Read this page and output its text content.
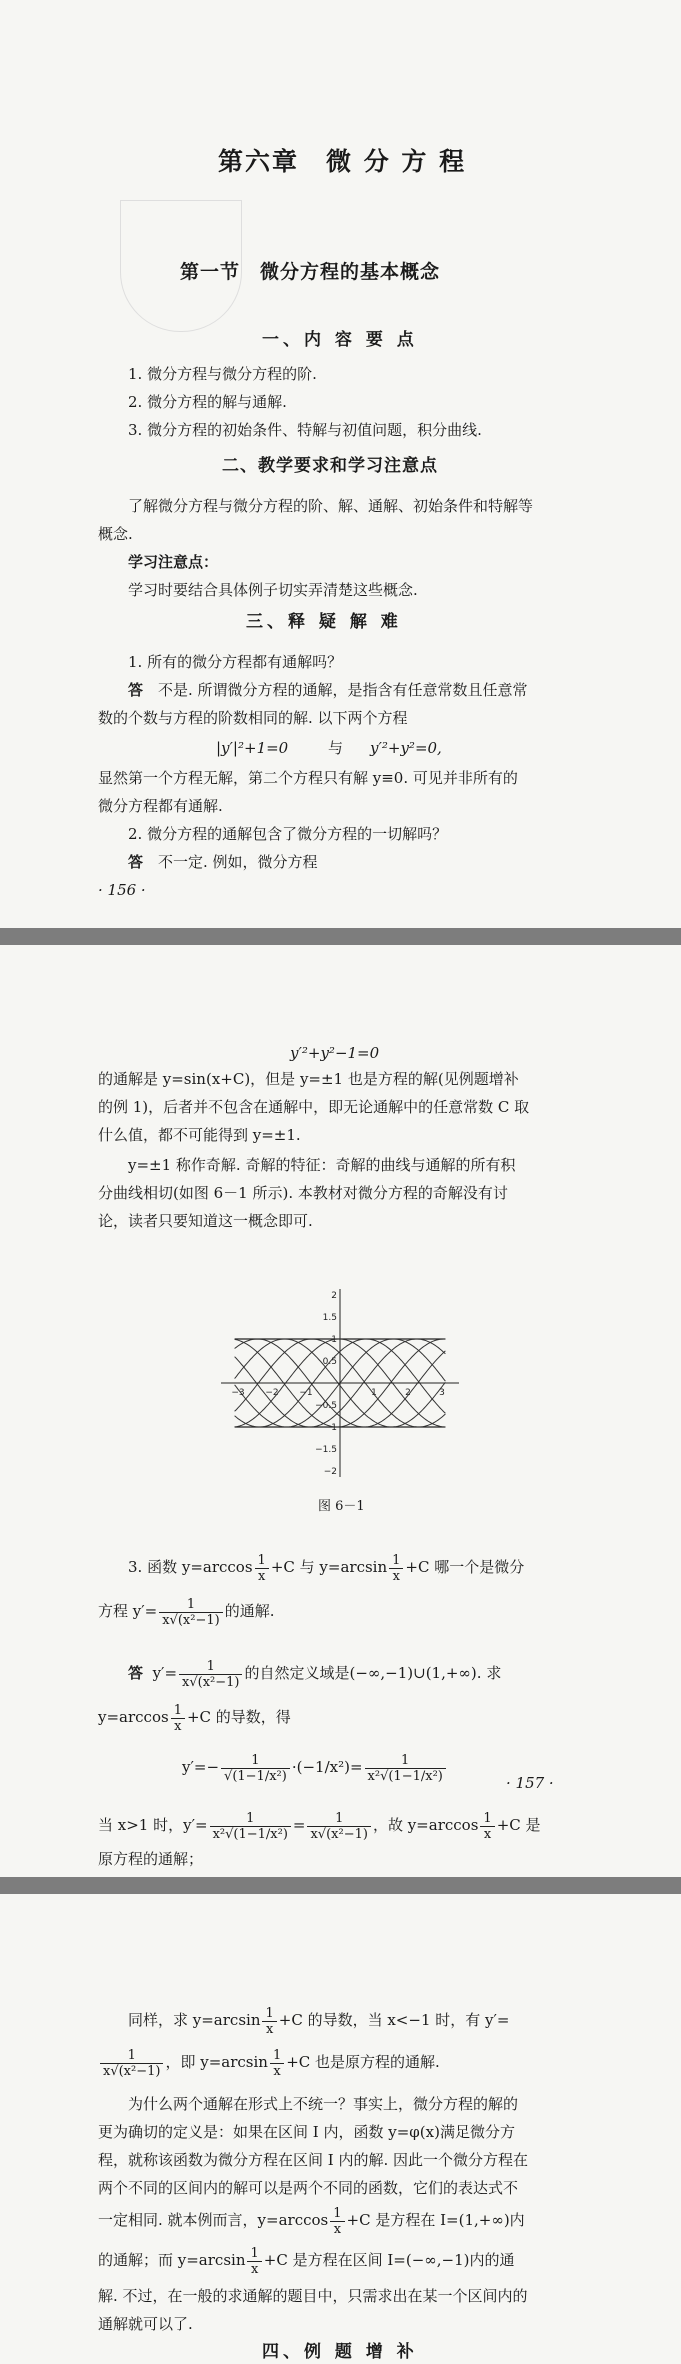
第六章　微 分 方 程
第一节　微分方程的基本概念
一、内 容 要 点
1. 微分方程与微分方程的阶.
2. 微分方程的解与通解.
3. 微分方程的初始条件、特解与初值问题，积分曲线.
二、教学要求和学习注意点
了解微分方程与微分方程的阶、解、通解、初始条件和特解等
概念.
学习注意点：
学习时要结合具体例子切实弄清楚这些概念.
三、释 疑 解 难
1. 所有的微分方程都有通解吗？
答 不是. 所谓微分方程的通解，是指含有任意常数且任意常
数的个数与方程的阶数相同的解. 以下两个方程
|y′|²+1=0	与 y′²+y²=0,
显然第一个方程无解，第二个方程只有解 y≡0. 可见并非所有的
微分方程都有通解.
2. 微分方程的通解包含了微分方程的一切解吗？
答 不一定. 例如，微分方程
· 156 ·
y′²+y²−1=0
的通解是 y=sin(x+C)，但是 y=±1 也是方程的解(见例题增补
的例 1)，后者并不包含在通解中，即无论通解中的任意常数 C 取
什么值，都不可能得到 y=±1.
y=±1 称作奇解. 奇解的特征：奇解的曲线与通解的所有积
分曲线相切(如图 6－1 所示). 本教材对微分方程的奇解没有讨
论，读者只要知道这一概念即可.
−3 −2 −1	1	2	3
2
1.5
1
0.5
−0.5
−1
−1.5
−2
图 6－1
3. 函数 $y=\arccos \frac{1}{x} +C$ 与 $y=\arcsin \frac{1}{x} +C$ 哪一个是微分
方程 $y'= \frac{1}{\text{x√(x²−1)}}$ 的通解.
答 $y'= \frac{1}{\text{x√(x²−1)}}$ 的自然定义域是(−∞,−1)∪(1,+∞). 求
$y=\arccos \frac{1}{x} +C$ 的导数，得
$y'=- \frac{1}{\text{√(1−1/x²)}} \cdot(-1/x^2)= \frac{1}{\text{x²√(1−1/x²)}}$
当 x>1 时，$y'= \frac{1}{\text{x²√(1−1/x²)}} = \frac{1}{\text{x√(x²−1)}}$ ，故 $y=\arccos \frac{1}{x} +C$ 是
· 157 ·
原方程的通解；
同样，求 $y=\arcsin \frac{1}{x} +C$ 的导数，当 x<−1 时，有 y′=
$\frac{1}{\text{x√(x²−1)}}$ ，即 $y=\arcsin \frac{1}{x} +C$ 也是原方程的通解.
为什么两个通解在形式上不统一？事实上，微分方程的解的
更为确切的定义是：如果在区间 I 内，函数 y=φ(x)满足微分方
程，就称该函数为微分方程在区间 I 内的解. 因此一个微分方程在
两个不同的区间内的解可以是两个不同的函数，它们的表达式不
一定相同. 就本例而言，$y=\arccos \frac{1}{x} +C$ 是方程在 I=(1,+∞)内
的通解；而 $y=\arcsin \frac{1}{x} +C$ 是方程在区间 I=(−∞,−1)内的通
解. 不过，在一般的求通解的题目中，只需求出在某一个区间内的
通解就可以了.
四、例 题 增 补
